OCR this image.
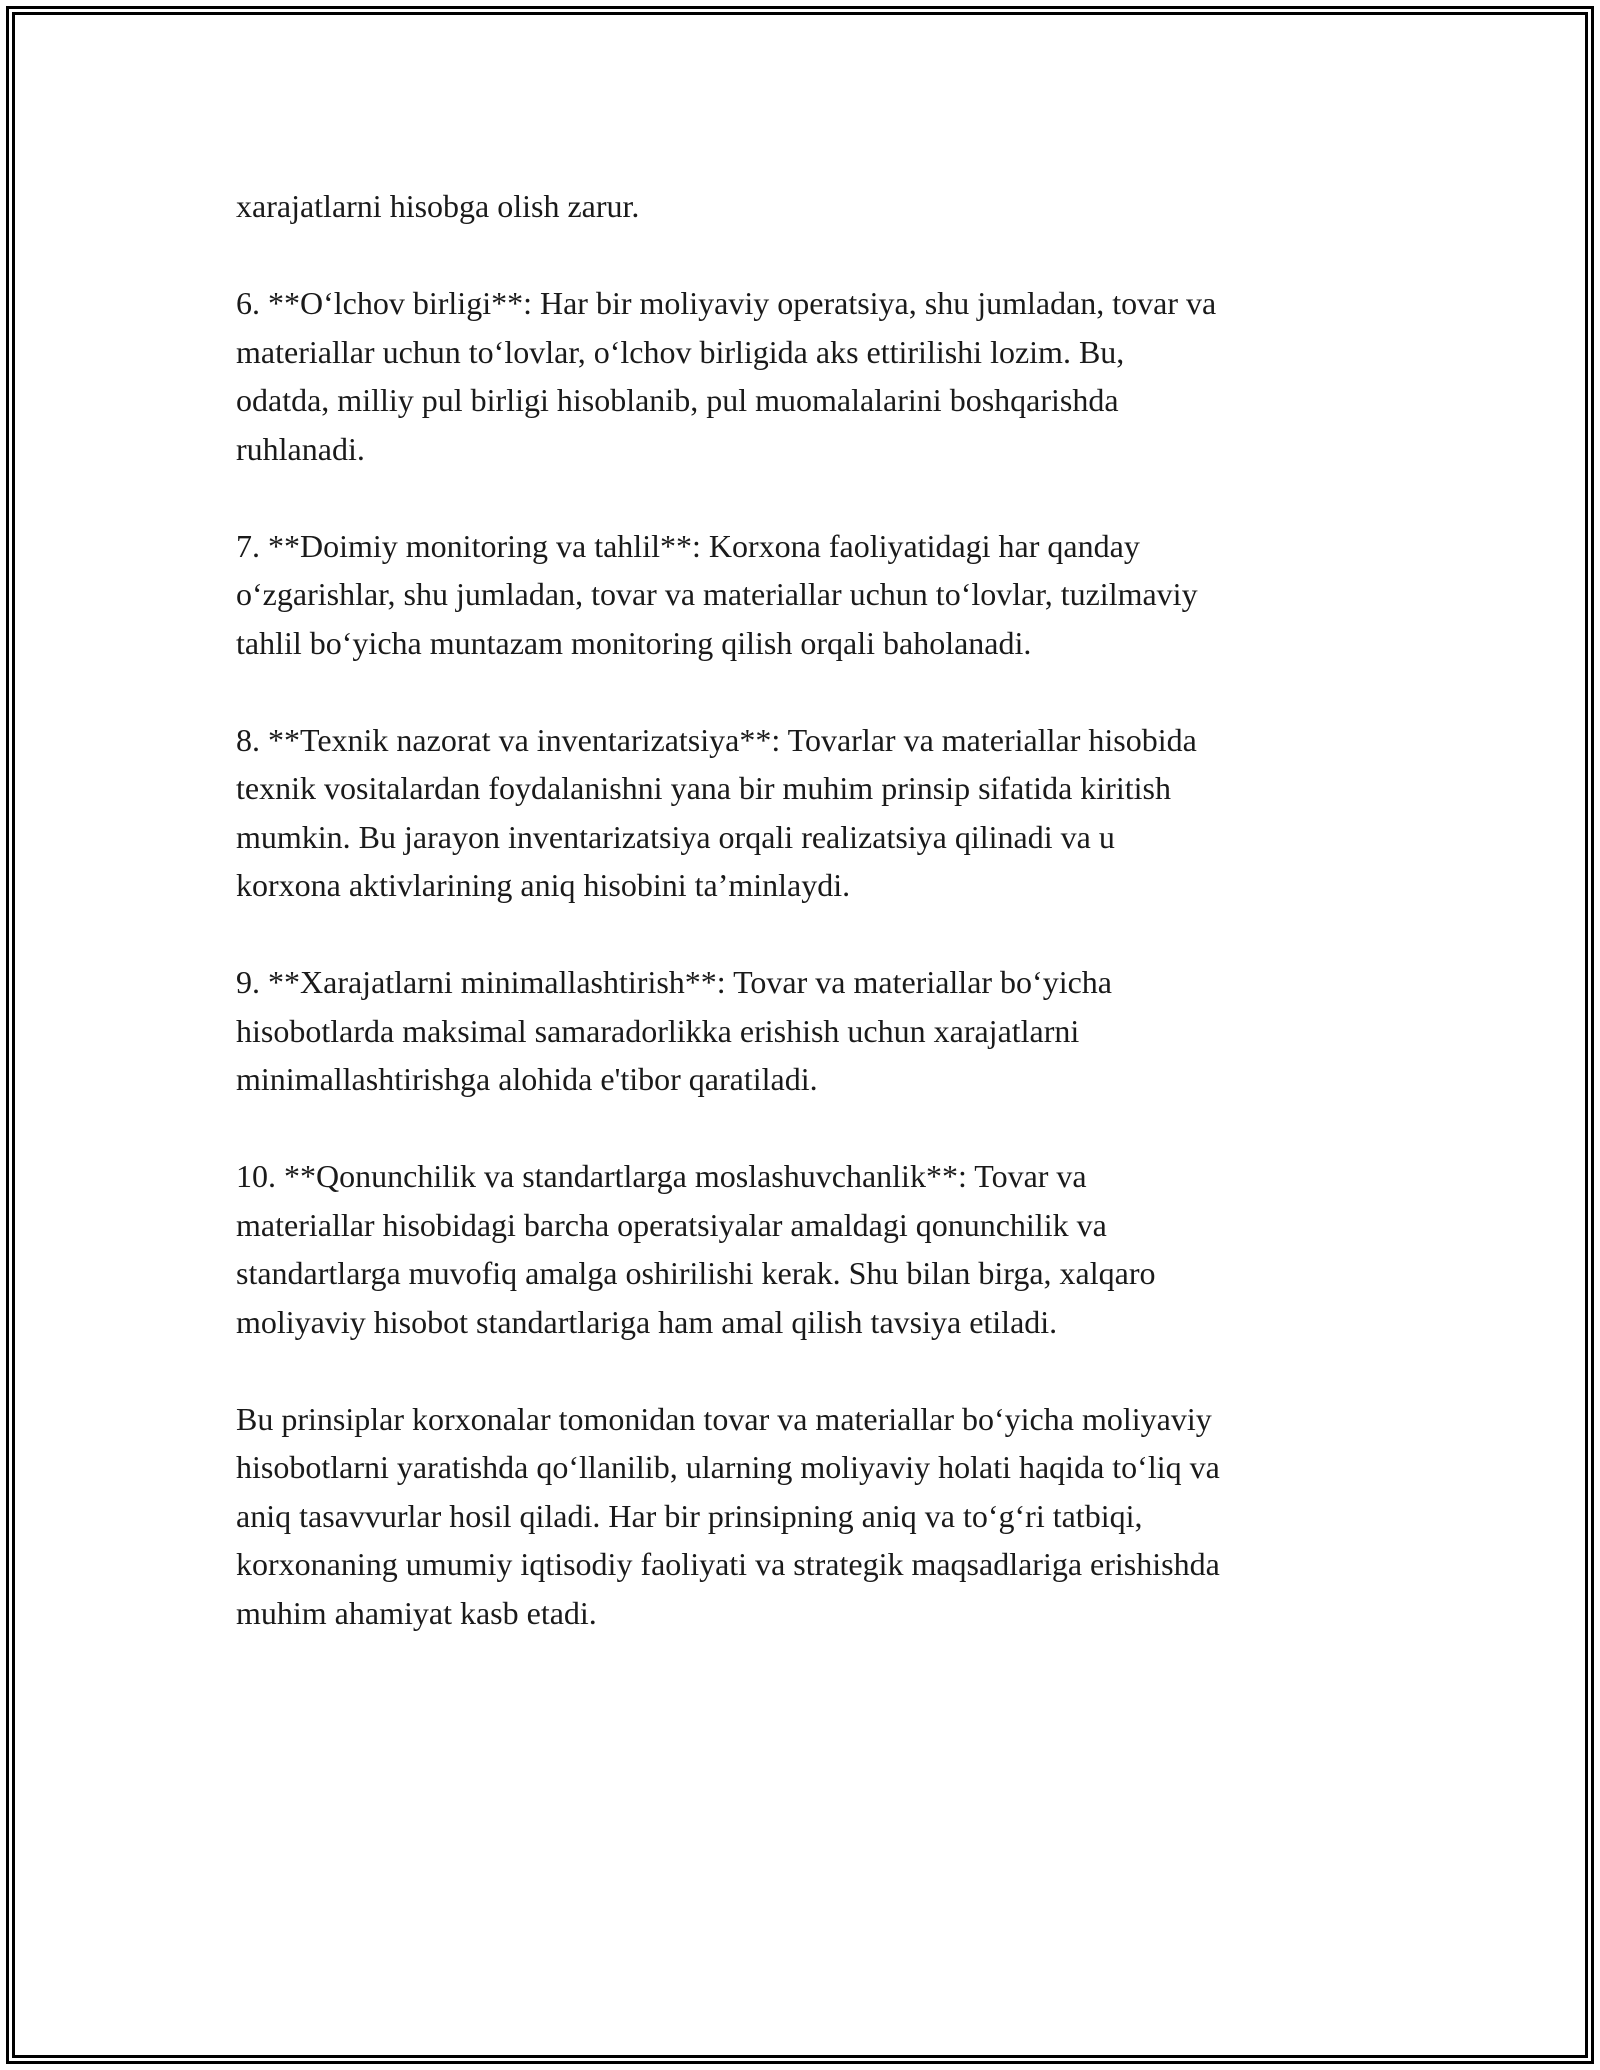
xarajatlarni hisobga olish zarur.

6. **O‘lchov birligi**: Har bir moliyaviy operatsiya, shu jumladan, tovar va
materiallar uchun to‘lovlar, o‘lchov birligida aks ettirilishi lozim. Bu,
odatda, milliy pul birligi hisoblanib, pul muomalalarini boshqarishda
ruhlanadi.

7. **Doimiy monitoring va tahlil**: Korxona faoliyatidagi har qanday
o‘zgarishlar, shu jumladan, tovar va materiallar uchun to‘lovlar, tuzilmaviy
tahlil bo‘yicha muntazam monitoring qilish orqali baholanadi.

8. **Texnik nazorat va inventarizatsiya**: Tovarlar va materiallar hisobida
texnik vositalardan foydalanishni yana bir muhim prinsip sifatida kiritish
mumkin. Bu jarayon inventarizatsiya orqali realizatsiya qilinadi va u
korxona aktivlarining aniq hisobini ta’minlaydi.

9. **Xarajatlarni minimallashtirish**: Tovar va materiallar bo‘yicha
hisobotlarda maksimal samaradorlikka erishish uchun xarajatlarni
minimallashtirishga alohida e'tibor qaratiladi.

10. **Qonunchilik va standartlarga moslashuvchanlik**: Tovar va
materiallar hisobidagi barcha operatsiyalar amaldagi qonunchilik va
standartlarga muvofiq amalga oshirilishi kerak. Shu bilan birga, xalqaro
moliyaviy hisobot standartlariga ham amal qilish tavsiya etiladi.

Bu prinsiplar korxonalar tomonidan tovar va materiallar bo‘yicha moliyaviy
hisobotlarni yaratishda qo‘llanilib, ularning moliyaviy holati haqida to‘liq va
aniq tasavvurlar hosil qiladi. Har bir prinsipning aniq va to‘g‘ri tatbiqi,
korxonaning umumiy iqtisodiy faoliyati va strategik maqsadlariga erishishda
muhim ahamiyat kasb etadi.
